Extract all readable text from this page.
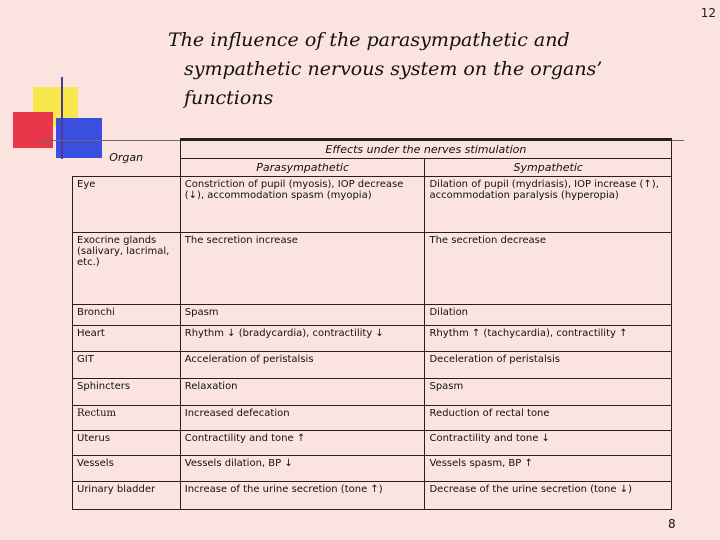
12
The influence of the parasympathetic and
sympathetic nervous system on the organs’
functions
Organ	Effects under the nerves stimulation	
	Parasympathetic	Sympathetic
Eye	Constriction of pupil (myosis), IOP decrease (↓), accommodation spasm (myopia)	Dilation of pupil (mydriasis), IOP increase (↑), accommodation paralysis (hyperopia)
Exocrine glands (salivary, lacrimal, etc.)	The secretion increase	The secretion decrease
Bronchi	Spasm	Dilation
Heart	Rhythm ↓ (bradycardia), contractility ↓	Rhythm ↑ (tachycardia), contractility ↑
GIT	Acceleration of peristalsis	Deceleration of peristalsis
Sphincters	Relaxation	Spasm
Rectum	Increased defecation	Reduction of rectal tone
Uterus	Contractility and tone ↑	Contractility and tone ↓
Vessels	Vessels dilation, BP ↓	Vessels spasm, BP ↑
Urinary bladder	Increase of the urine secretion (tone ↑)	Decrease of the urine secretion (tone ↓)
8
